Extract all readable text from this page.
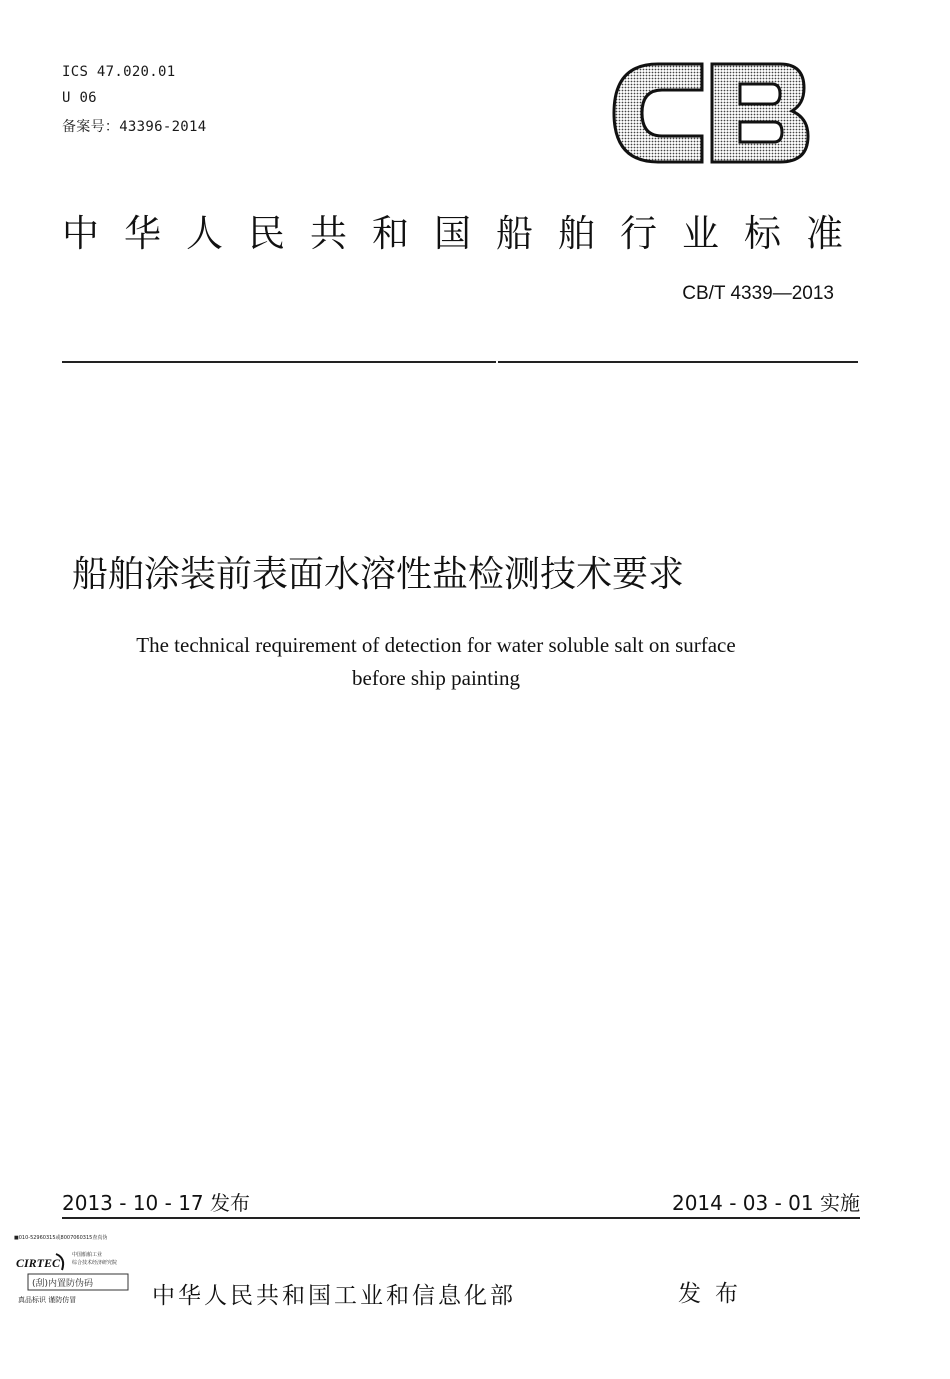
ICS 47.020.01
U 06
备案号：43396-2014
CB
中华人民共和国船舶行业标准
CB/T 4339—2013
船舶涂装前表面水溶性盐检测技术要求
The technical requirement of detection for water soluble salt on surface
before ship painting
2013 - 10 - 17 发布	2014 - 03 - 01 实施
■010-52960315或8007060315查真伪
CIRTEC
中国船舶工业
综合技术经济研究院
(刮)内置防伪码
真品标识 谨防仿冒	中华人民共和国工业和信息化部	发布
